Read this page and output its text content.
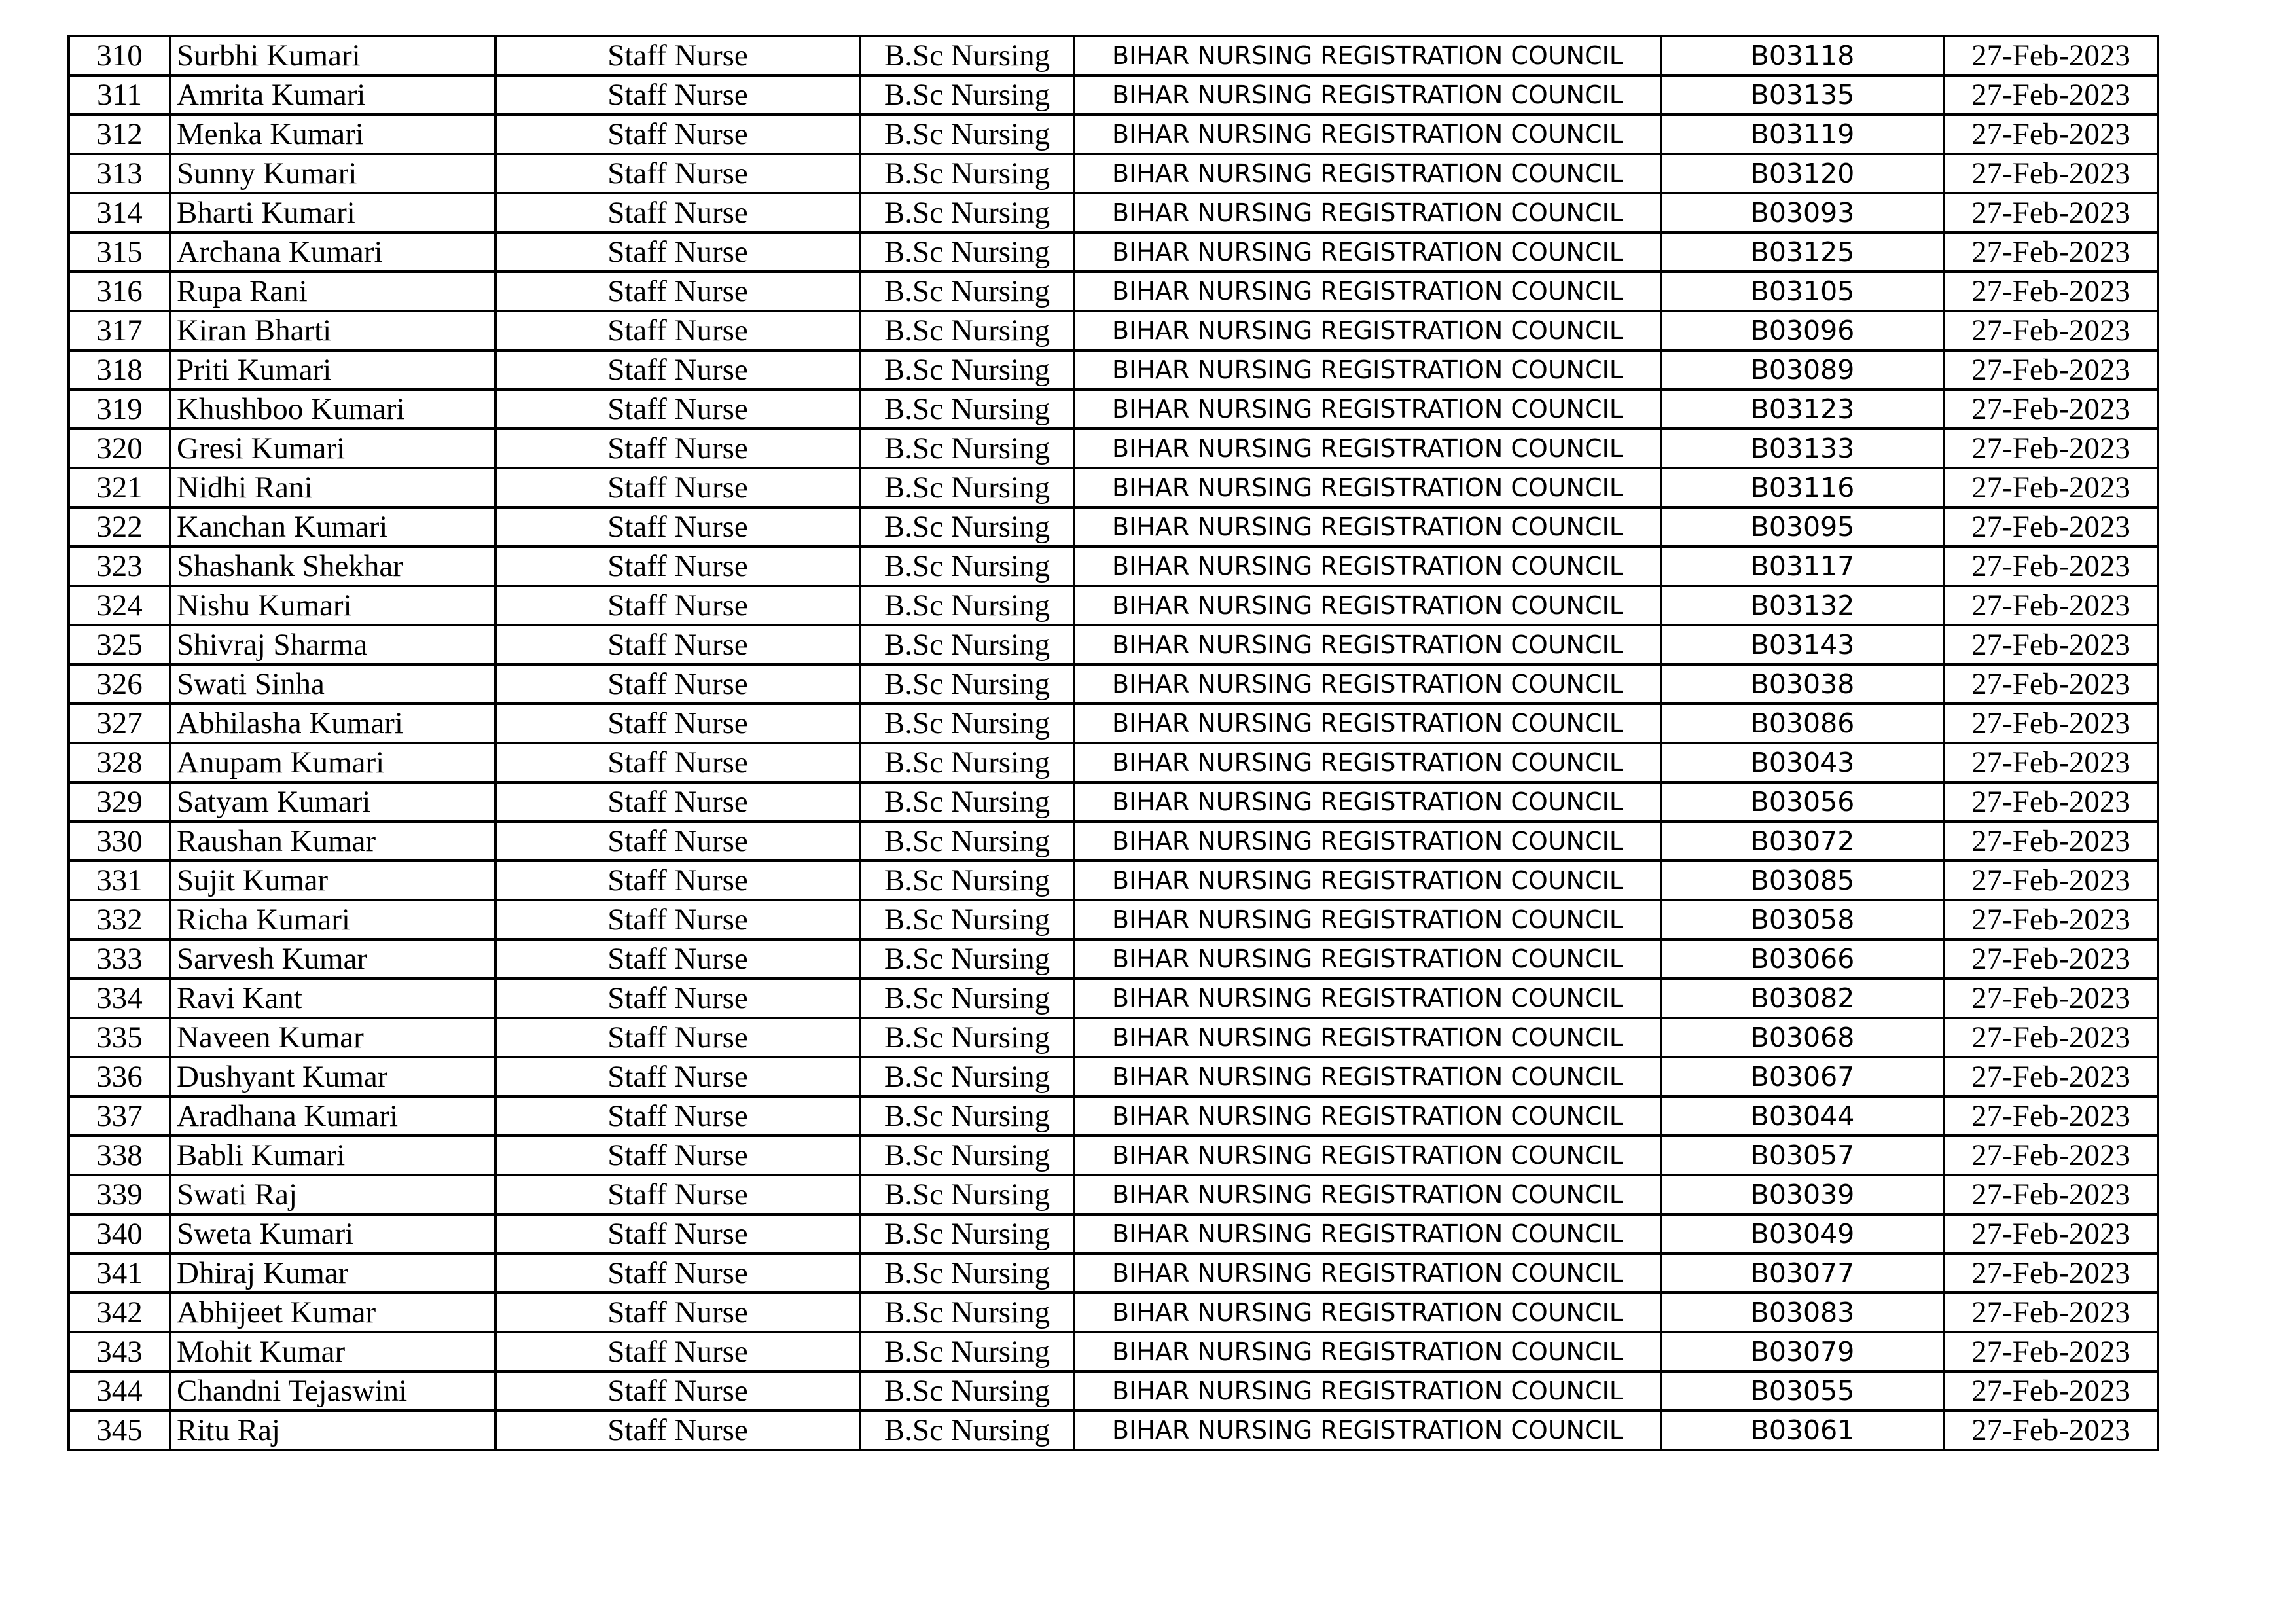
310	Surbhi Kumari	Staff Nurse	B.Sc Nursing	BIHAR NURSING REGISTRATION COUNCIL	B03118	27-Feb-2023
311	Amrita Kumari	Staff Nurse	B.Sc Nursing	BIHAR NURSING REGISTRATION COUNCIL	B03135	27-Feb-2023
312	Menka Kumari	Staff Nurse	B.Sc Nursing	BIHAR NURSING REGISTRATION COUNCIL	B03119	27-Feb-2023
313	Sunny Kumari	Staff Nurse	B.Sc Nursing	BIHAR NURSING REGISTRATION COUNCIL	B03120	27-Feb-2023
314	Bharti Kumari	Staff Nurse	B.Sc Nursing	BIHAR NURSING REGISTRATION COUNCIL	B03093	27-Feb-2023
315	Archana Kumari	Staff Nurse	B.Sc Nursing	BIHAR NURSING REGISTRATION COUNCIL	B03125	27-Feb-2023
316	Rupa Rani	Staff Nurse	B.Sc Nursing	BIHAR NURSING REGISTRATION COUNCIL	B03105	27-Feb-2023
317	Kiran Bharti	Staff Nurse	B.Sc Nursing	BIHAR NURSING REGISTRATION COUNCIL	B03096	27-Feb-2023
318	Priti Kumari	Staff Nurse	B.Sc Nursing	BIHAR NURSING REGISTRATION COUNCIL	B03089	27-Feb-2023
319	Khushboo Kumari	Staff Nurse	B.Sc Nursing	BIHAR NURSING REGISTRATION COUNCIL	B03123	27-Feb-2023
320	Gresi Kumari	Staff Nurse	B.Sc Nursing	BIHAR NURSING REGISTRATION COUNCIL	B03133	27-Feb-2023
321	Nidhi Rani	Staff Nurse	B.Sc Nursing	BIHAR NURSING REGISTRATION COUNCIL	B03116	27-Feb-2023
322	Kanchan Kumari	Staff Nurse	B.Sc Nursing	BIHAR NURSING REGISTRATION COUNCIL	B03095	27-Feb-2023
323	Shashank Shekhar	Staff Nurse	B.Sc Nursing	BIHAR NURSING REGISTRATION COUNCIL	B03117	27-Feb-2023
324	Nishu Kumari	Staff Nurse	B.Sc Nursing	BIHAR NURSING REGISTRATION COUNCIL	B03132	27-Feb-2023
325	Shivraj Sharma	Staff Nurse	B.Sc Nursing	BIHAR NURSING REGISTRATION COUNCIL	B03143	27-Feb-2023
326	Swati Sinha	Staff Nurse	B.Sc Nursing	BIHAR NURSING REGISTRATION COUNCIL	B03038	27-Feb-2023
327	Abhilasha Kumari	Staff Nurse	B.Sc Nursing	BIHAR NURSING REGISTRATION COUNCIL	B03086	27-Feb-2023
328	Anupam Kumari	Staff Nurse	B.Sc Nursing	BIHAR NURSING REGISTRATION COUNCIL	B03043	27-Feb-2023
329	Satyam Kumari	Staff Nurse	B.Sc Nursing	BIHAR NURSING REGISTRATION COUNCIL	B03056	27-Feb-2023
330	Raushan Kumar	Staff Nurse	B.Sc Nursing	BIHAR NURSING REGISTRATION COUNCIL	B03072	27-Feb-2023
331	Sujit Kumar	Staff Nurse	B.Sc Nursing	BIHAR NURSING REGISTRATION COUNCIL	B03085	27-Feb-2023
332	Richa Kumari	Staff Nurse	B.Sc Nursing	BIHAR NURSING REGISTRATION COUNCIL	B03058	27-Feb-2023
333	Sarvesh Kumar	Staff Nurse	B.Sc Nursing	BIHAR NURSING REGISTRATION COUNCIL	B03066	27-Feb-2023
334	Ravi Kant	Staff Nurse	B.Sc Nursing	BIHAR NURSING REGISTRATION COUNCIL	B03082	27-Feb-2023
335	Naveen Kumar	Staff Nurse	B.Sc Nursing	BIHAR NURSING REGISTRATION COUNCIL	B03068	27-Feb-2023
336	Dushyant Kumar	Staff Nurse	B.Sc Nursing	BIHAR NURSING REGISTRATION COUNCIL	B03067	27-Feb-2023
337	Aradhana Kumari	Staff Nurse	B.Sc Nursing	BIHAR NURSING REGISTRATION COUNCIL	B03044	27-Feb-2023
338	Babli Kumari	Staff Nurse	B.Sc Nursing	BIHAR NURSING REGISTRATION COUNCIL	B03057	27-Feb-2023
339	Swati Raj	Staff Nurse	B.Sc Nursing	BIHAR NURSING REGISTRATION COUNCIL	B03039	27-Feb-2023
340	Sweta Kumari	Staff Nurse	B.Sc Nursing	BIHAR NURSING REGISTRATION COUNCIL	B03049	27-Feb-2023
341	Dhiraj Kumar	Staff Nurse	B.Sc Nursing	BIHAR NURSING REGISTRATION COUNCIL	B03077	27-Feb-2023
342	Abhijeet Kumar	Staff Nurse	B.Sc Nursing	BIHAR NURSING REGISTRATION COUNCIL	B03083	27-Feb-2023
343	Mohit Kumar	Staff Nurse	B.Sc Nursing	BIHAR NURSING REGISTRATION COUNCIL	B03079	27-Feb-2023
344	Chandni Tejaswini	Staff Nurse	B.Sc Nursing	BIHAR NURSING REGISTRATION COUNCIL	B03055	27-Feb-2023
345	Ritu Raj	Staff Nurse	B.Sc Nursing	BIHAR NURSING REGISTRATION COUNCIL	B03061	27-Feb-2023
